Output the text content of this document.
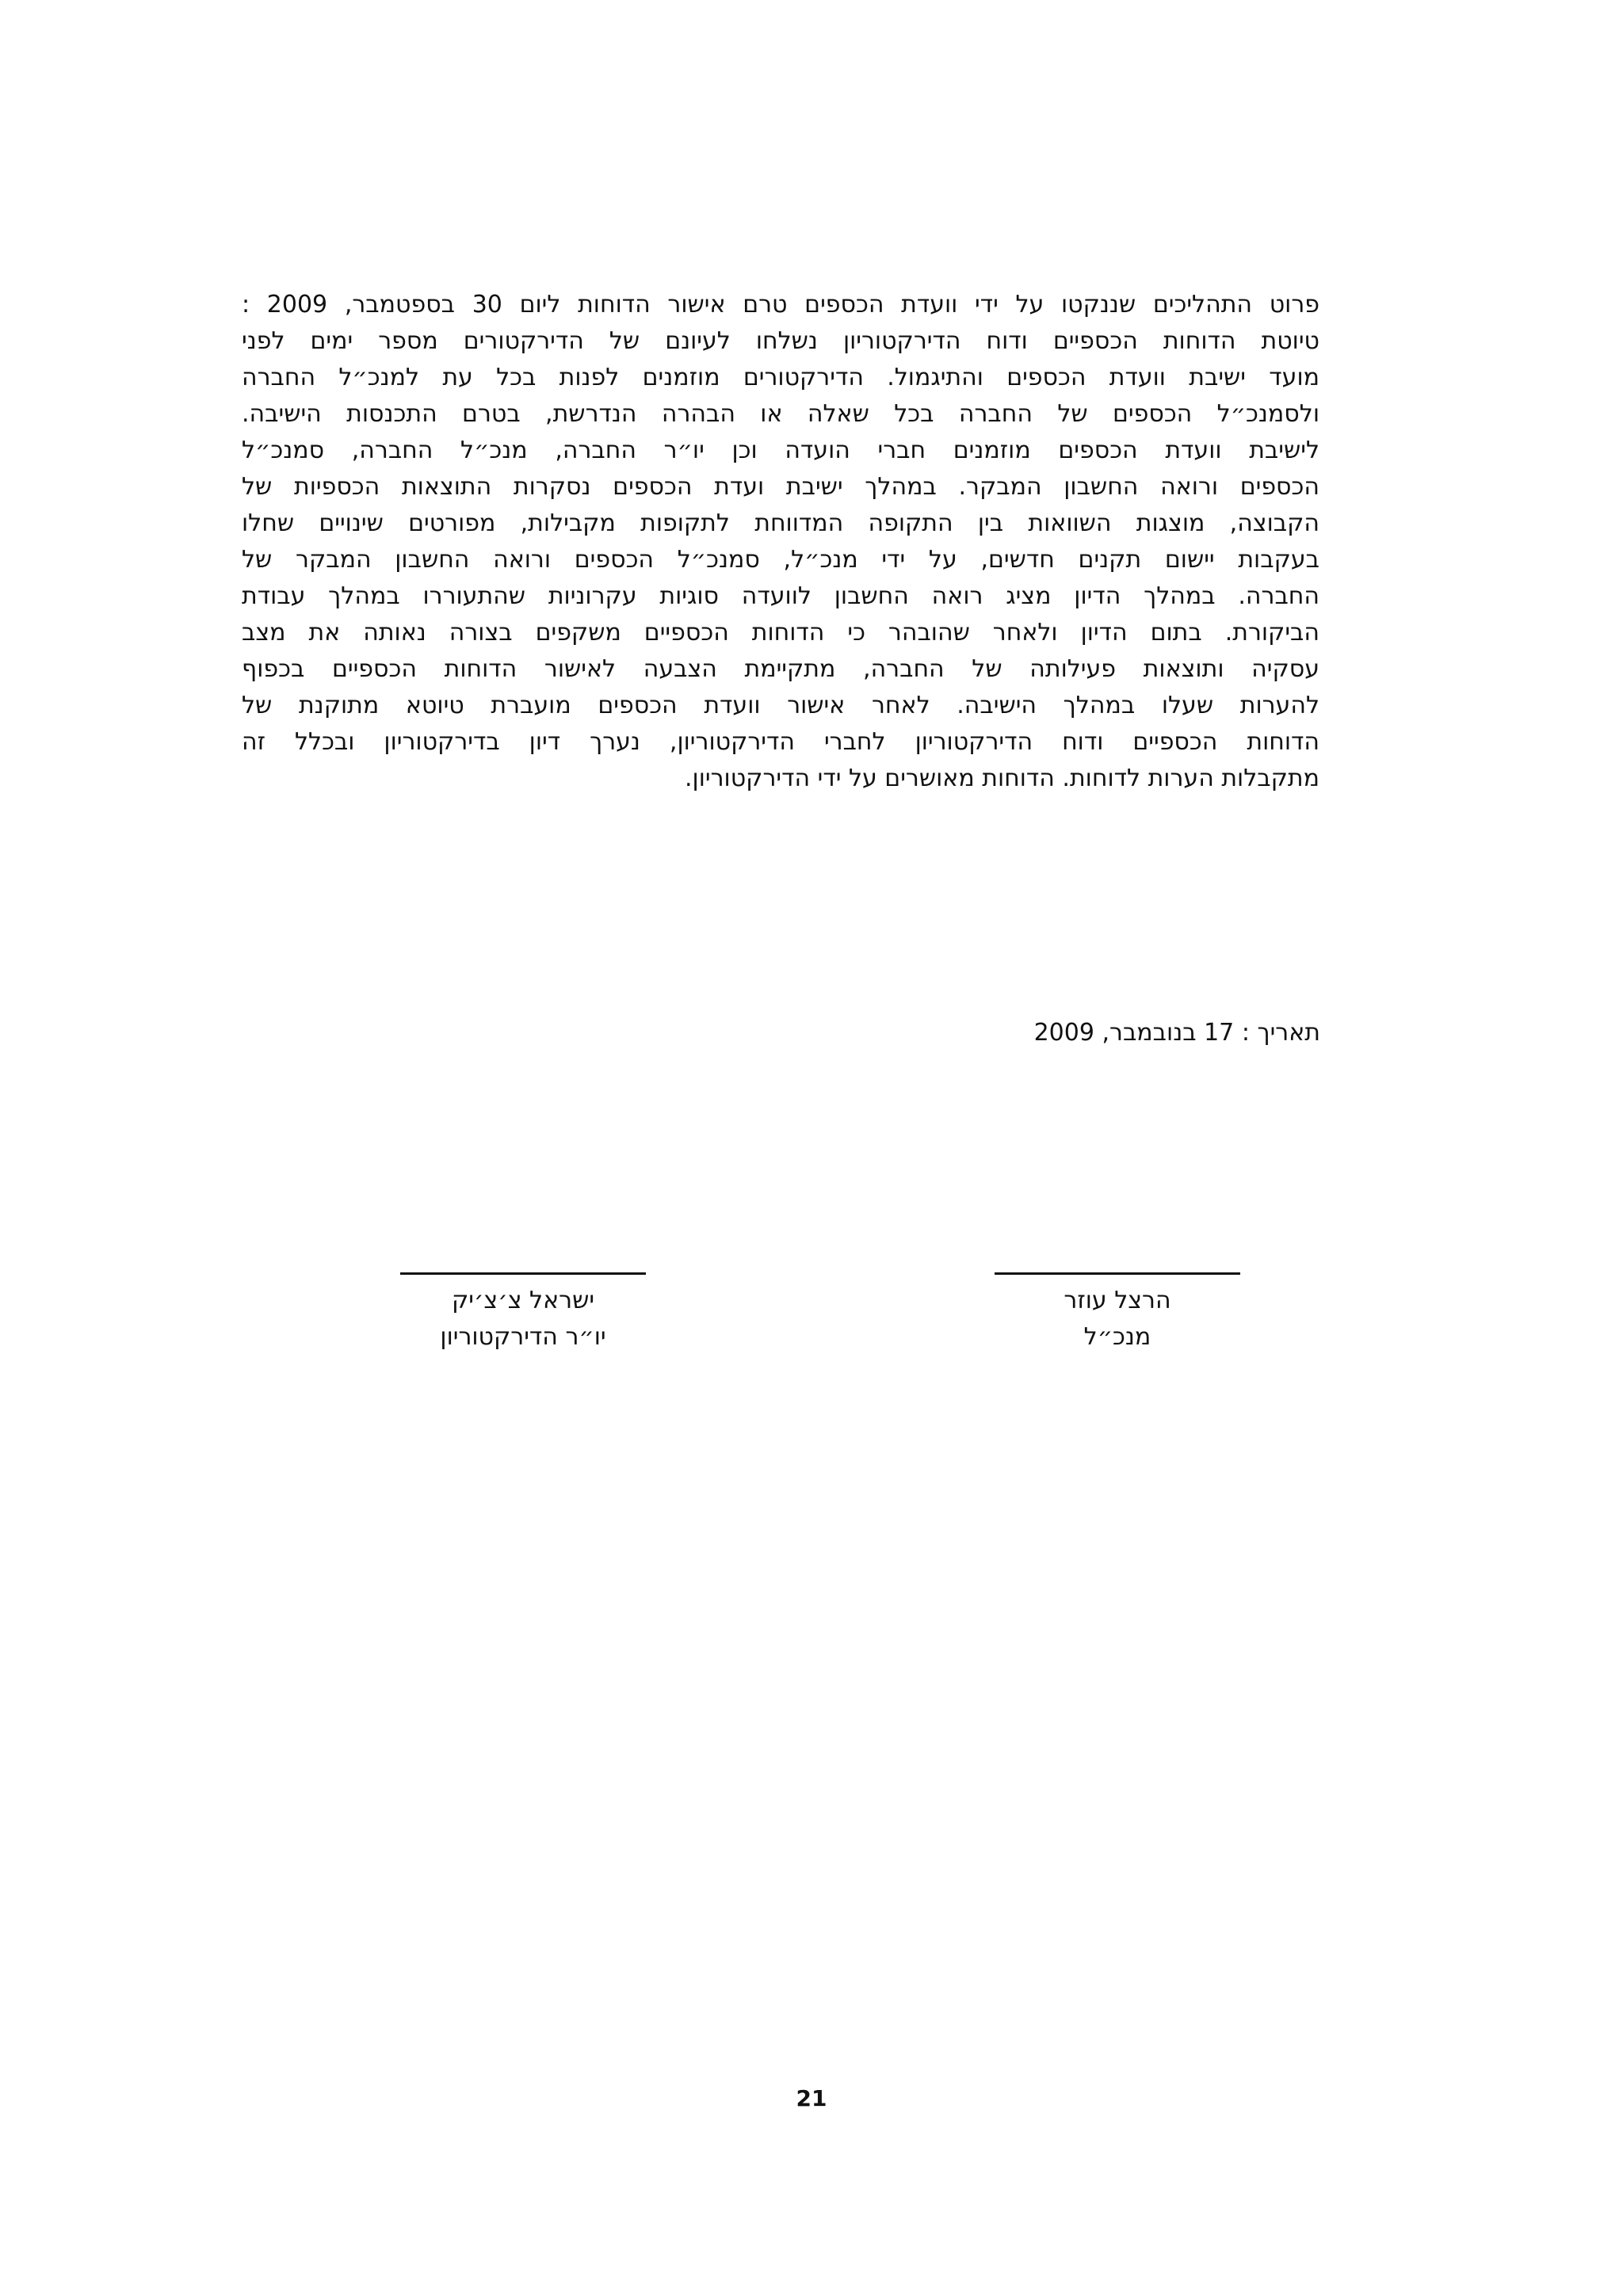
פרוט התהליכים שננקטו על ידי וועדת הכספים טרם אישור הדוחות ליום 30 בספטמבר, 2009 :
טיוטת הדוחות הכספיים ודוח הדירקטוריון נשלחו לעיונם של הדירקטורים מספר ימים לפני
מועד ישיבת וועדת הכספים והתיגמול. הדירקטורים מוזמנים לפנות בכל עת למנכ״ל החברה
ולסמנכ״ל הכספים של החברה בכל שאלה או הבהרה הנדרשת, בטרם התכנסות הישיבה.
לישיבת וועדת הכספים מוזמנים חברי הועדה וכן יו״ר החברה, מנכ״ל החברה, סמנכ״ל
הכספים ורואה החשבון המבקר. במהלך ישיבת ועדת הכספים נסקרות התוצאות הכספיות של
הקבוצה, מוצגות השוואות בין התקופה המדווחת לתקופות מקבילות, מפורטים שינויים שחלו
בעקבות יישום תקנים חדשים, על ידי מנכ״ל, סמנכ״ל הכספים ורואה החשבון המבקר של
החברה. במהלך הדיון מציג רואה החשבון לוועדה סוגיות עקרוניות שהתעוררו במהלך עבודת
הביקורת. בתום הדיון ולאחר שהובהר כי הדוחות הכספיים משקפים בצורה נאותה את מצב
עסקיה ותוצאות פעילותה של החברה, מתקיימת הצבעה לאישור הדוחות הכספיים בכפוף
להערות שעלו במהלך הישיבה. לאחר אישור וועדת הכספים מועברת טיוטא מתוקנת של
הדוחות הכספיים ודוח הדירקטוריון לחברי הדירקטוריון, נערך דיון בדירקטוריון ובכלל זה
מתקבלות הערות לדוחות. הדוחות מאושרים על ידי הדירקטוריון.
תאריך : 17 בנובמבר, 2009
הרצל עוזר
מנכ״ל
ישראל צ׳צ׳יק
יו״ר הדירקטוריון
21
